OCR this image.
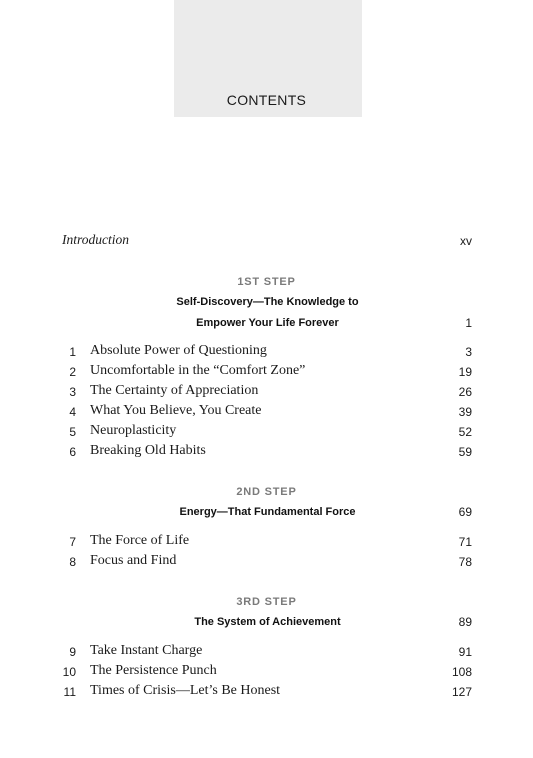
CONTENTS
Introduction	xv
1ST STEP
Self-Discovery—The Knowledge to
Empower Your Life Forever	1
1 Absolute Power of Questioning	3
2 Uncomfortable in the “Comfort Zone”	19
3 The Certainty of Appreciation	26
4 What You Believe, You Create	39
5 Neuroplasticity	52
6 Breaking Old Habits	59
2ND STEP
Energy—That Fundamental Force	69
7 The Force of Life	71
8 Focus and Find	78
3RD STEP
The System of Achievement	89
9 Take Instant Charge	91
10 The Persistence Punch	108
11 Times of Crisis—Let’s Be Honest	127
